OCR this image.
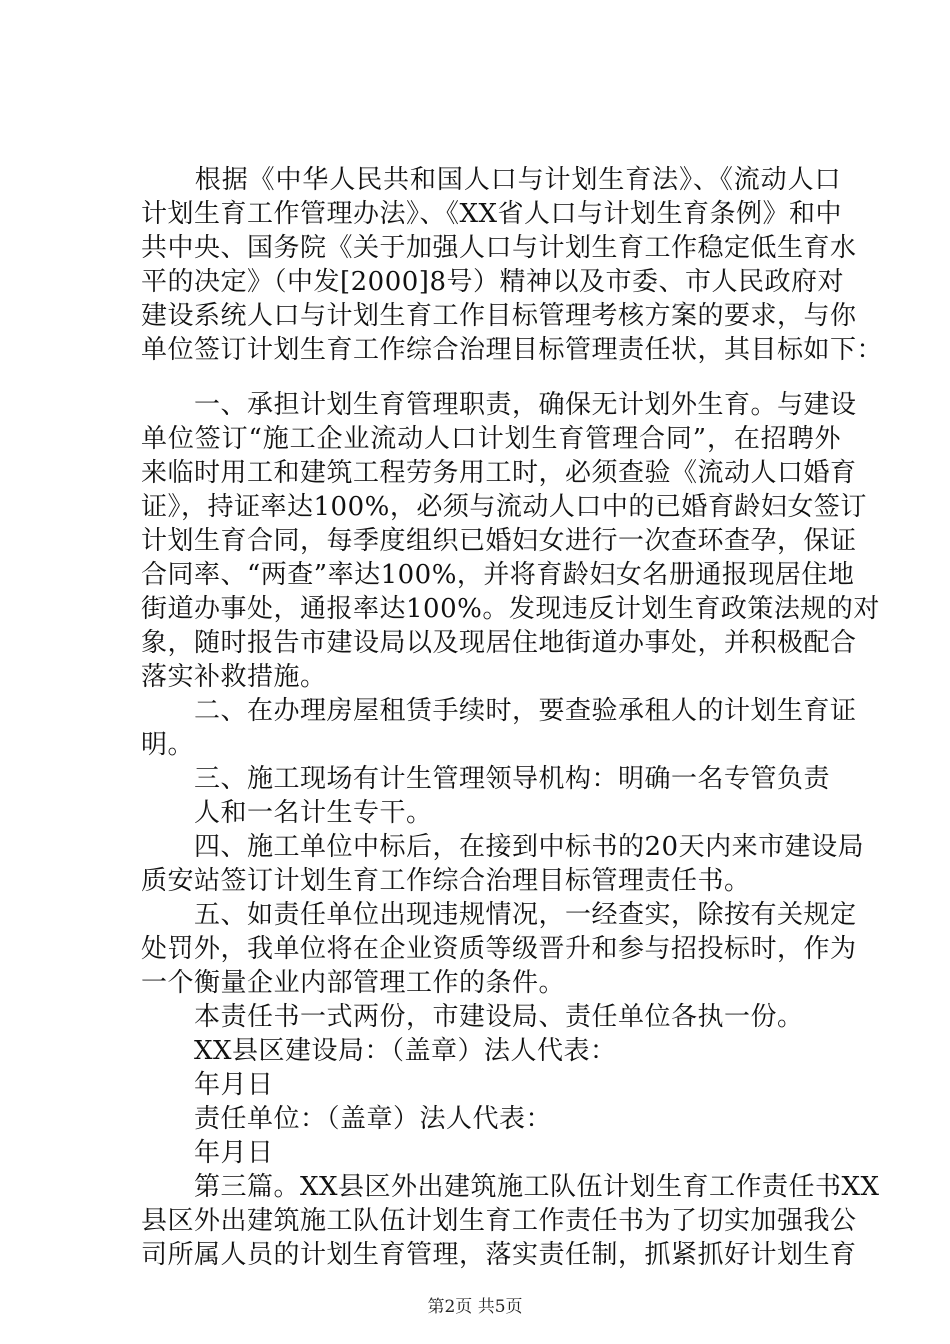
　　根据《中华人民共和国人口与计划生育法》、《流动人口
计划生育工作管理办法》、《XX省人口与计划生育条例》和中
共中央、国务院《关于加强人口与计划生育工作稳定低生育水
平的决定》（中发[2000]8号）精神以及市委、市人民政府对
建设系统人口与计划生育工作目标管理考核方案的要求，与你
单位签订计划生育工作综合治理目标管理责任状，其目标如下：
　　一、承担计划生育管理职责，确保无计划外生育。与建设
单位签订“施工企业流动人口计划生育管理合同”，在招聘外
来临时用工和建筑工程劳务用工时，必须查验《流动人口婚育
证》，持证率达100%，必须与流动人口中的已婚育龄妇女签订
计划生育合同，每季度组织已婚妇女进行一次查环查孕，保证
合同率、“两查”率达100%，并将育龄妇女名册通报现居住地
街道办事处，通报率达100%。发现违反计划生育政策法规的对
象，随时报告市建设局以及现居住地街道办事处，并积极配合
落实补救措施。
　　二、在办理房屋租赁手续时，要查验承租人的计划生育证
明。
　　三、施工现场有计生管理领导机构：明确一名专管负责
　　人和一名计生专干。
　　四、施工单位中标后，在接到中标书的20天内来市建设局
质安站签订计划生育工作综合治理目标管理责任书。
　　五、如责任单位出现违规情况，一经查实，除按有关规定
处罚外，我单位将在企业资质等级晋升和参与招投标时，作为
一个衡量企业内部管理工作的条件。
　　本责任书一式两份，市建设局、责任单位各执一份。
　　XX县区建设局：（盖章）法人代表：
　　年月日
　　责任单位：（盖章）法人代表：
　　年月日
　　第三篇。XX县区外出建筑施工队伍计划生育工作责任书XX
县区外出建筑施工队伍计划生育工作责任书为了切实加强我公
司所属人员的计划生育管理，落实责任制，抓紧抓好计划生育
第2页 共5页
